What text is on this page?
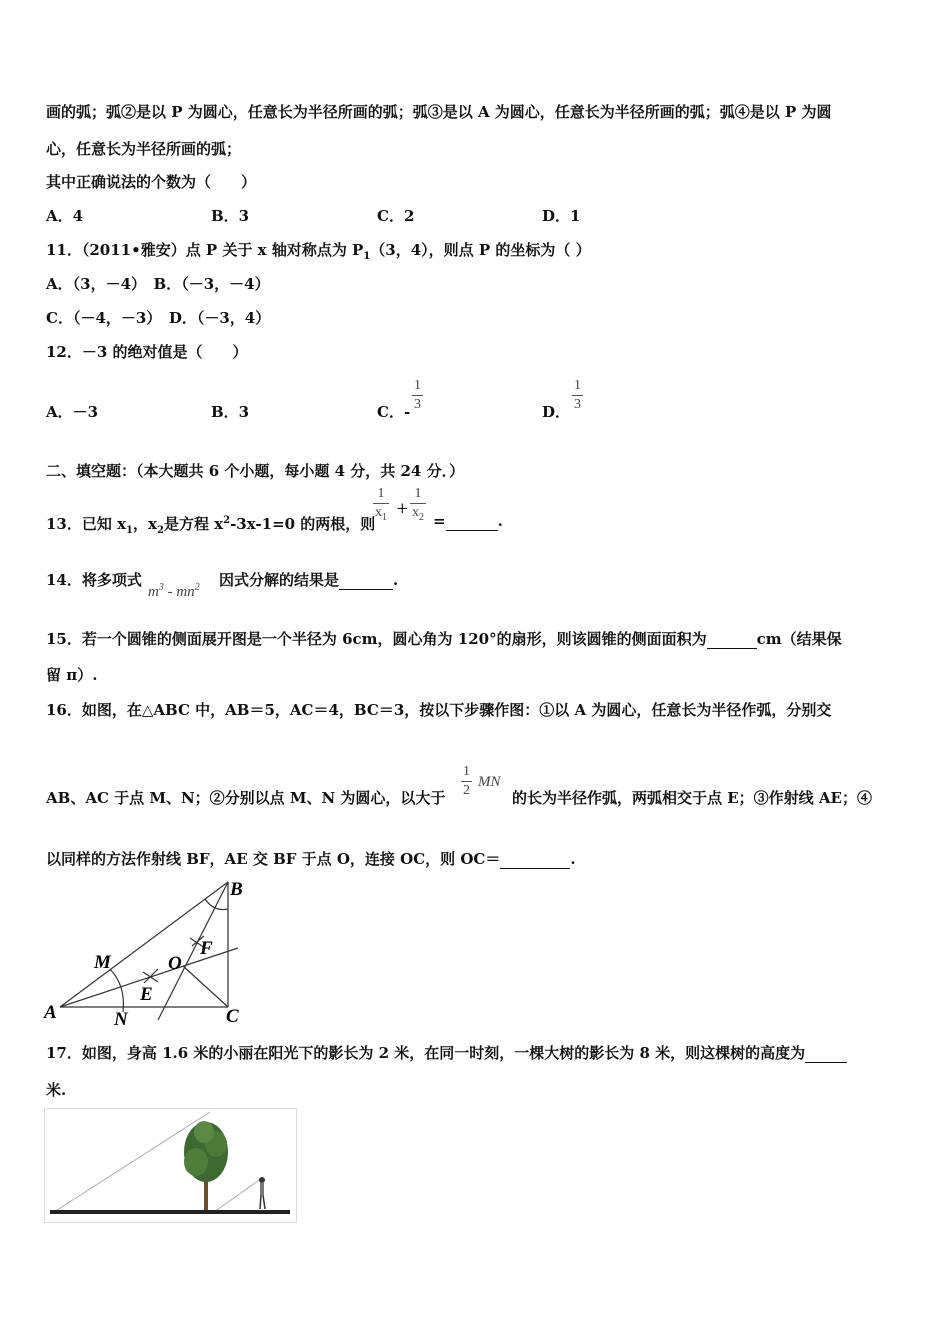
画的弧；弧②是以 P 为圆心，任意长为半径所画的弧；弧③是以 A 为圆心，任意长为半径所画的弧；弧④是以 P 为圆
心，任意长为半径所画的弧；
其中正确说法的个数为（　　）
A．4	B．3	C．2	D．1
11．（2011•雅安）点 P 关于 x 轴对称点为 $P_1(3$，4），则点 P 的坐标为（ ）
A．（3，－4）　B．（－3，－4）
C．（－4，－3）　D．（－3，4）
12．－3 的绝对值是（　　）
A．－3	B．3	C．-
1
3	D．
1
3
二、填空题：（本大题共 6 个小题，每小题 4 分，共 24 分．）
13．已知 $x_1$，$x_2$是方程 $x^2-3x-1=0$ 的两根，则
1
$x_1$
+
1
$x_2$ =	.
14．将多项式
$m^3 - mn^2$ 因式分解的结果是	.
15．若一个圆锥的侧面展开图是一个半径为 6cm，圆心角为 120°的扇形，则该圆锥的侧面面积为	cm（结果保
留 π）.
16．如图，在△ABC 中，AB＝5，AC＝4，BC＝3，按以下步骤作图：①以 A 为圆心，任意长为半径作弧，分别交
AB、AC 于点 M、N；②分别以点 M、N 为圆心，以大于
1
2
MN
的长为半径作弧，两弧相交于点 E；③作射线 AE；④
以同样的方法作射线 BF，AE 交 BF 于点 O，连接 OC，则 OC＝	.
A
B
C
M
N
O
E
F
17．如图，身高 1.6 米的小丽在阳光下的影长为 2 米，在同一时刻，一棵大树的影长为 8 米，则这棵树的高度为
米.
